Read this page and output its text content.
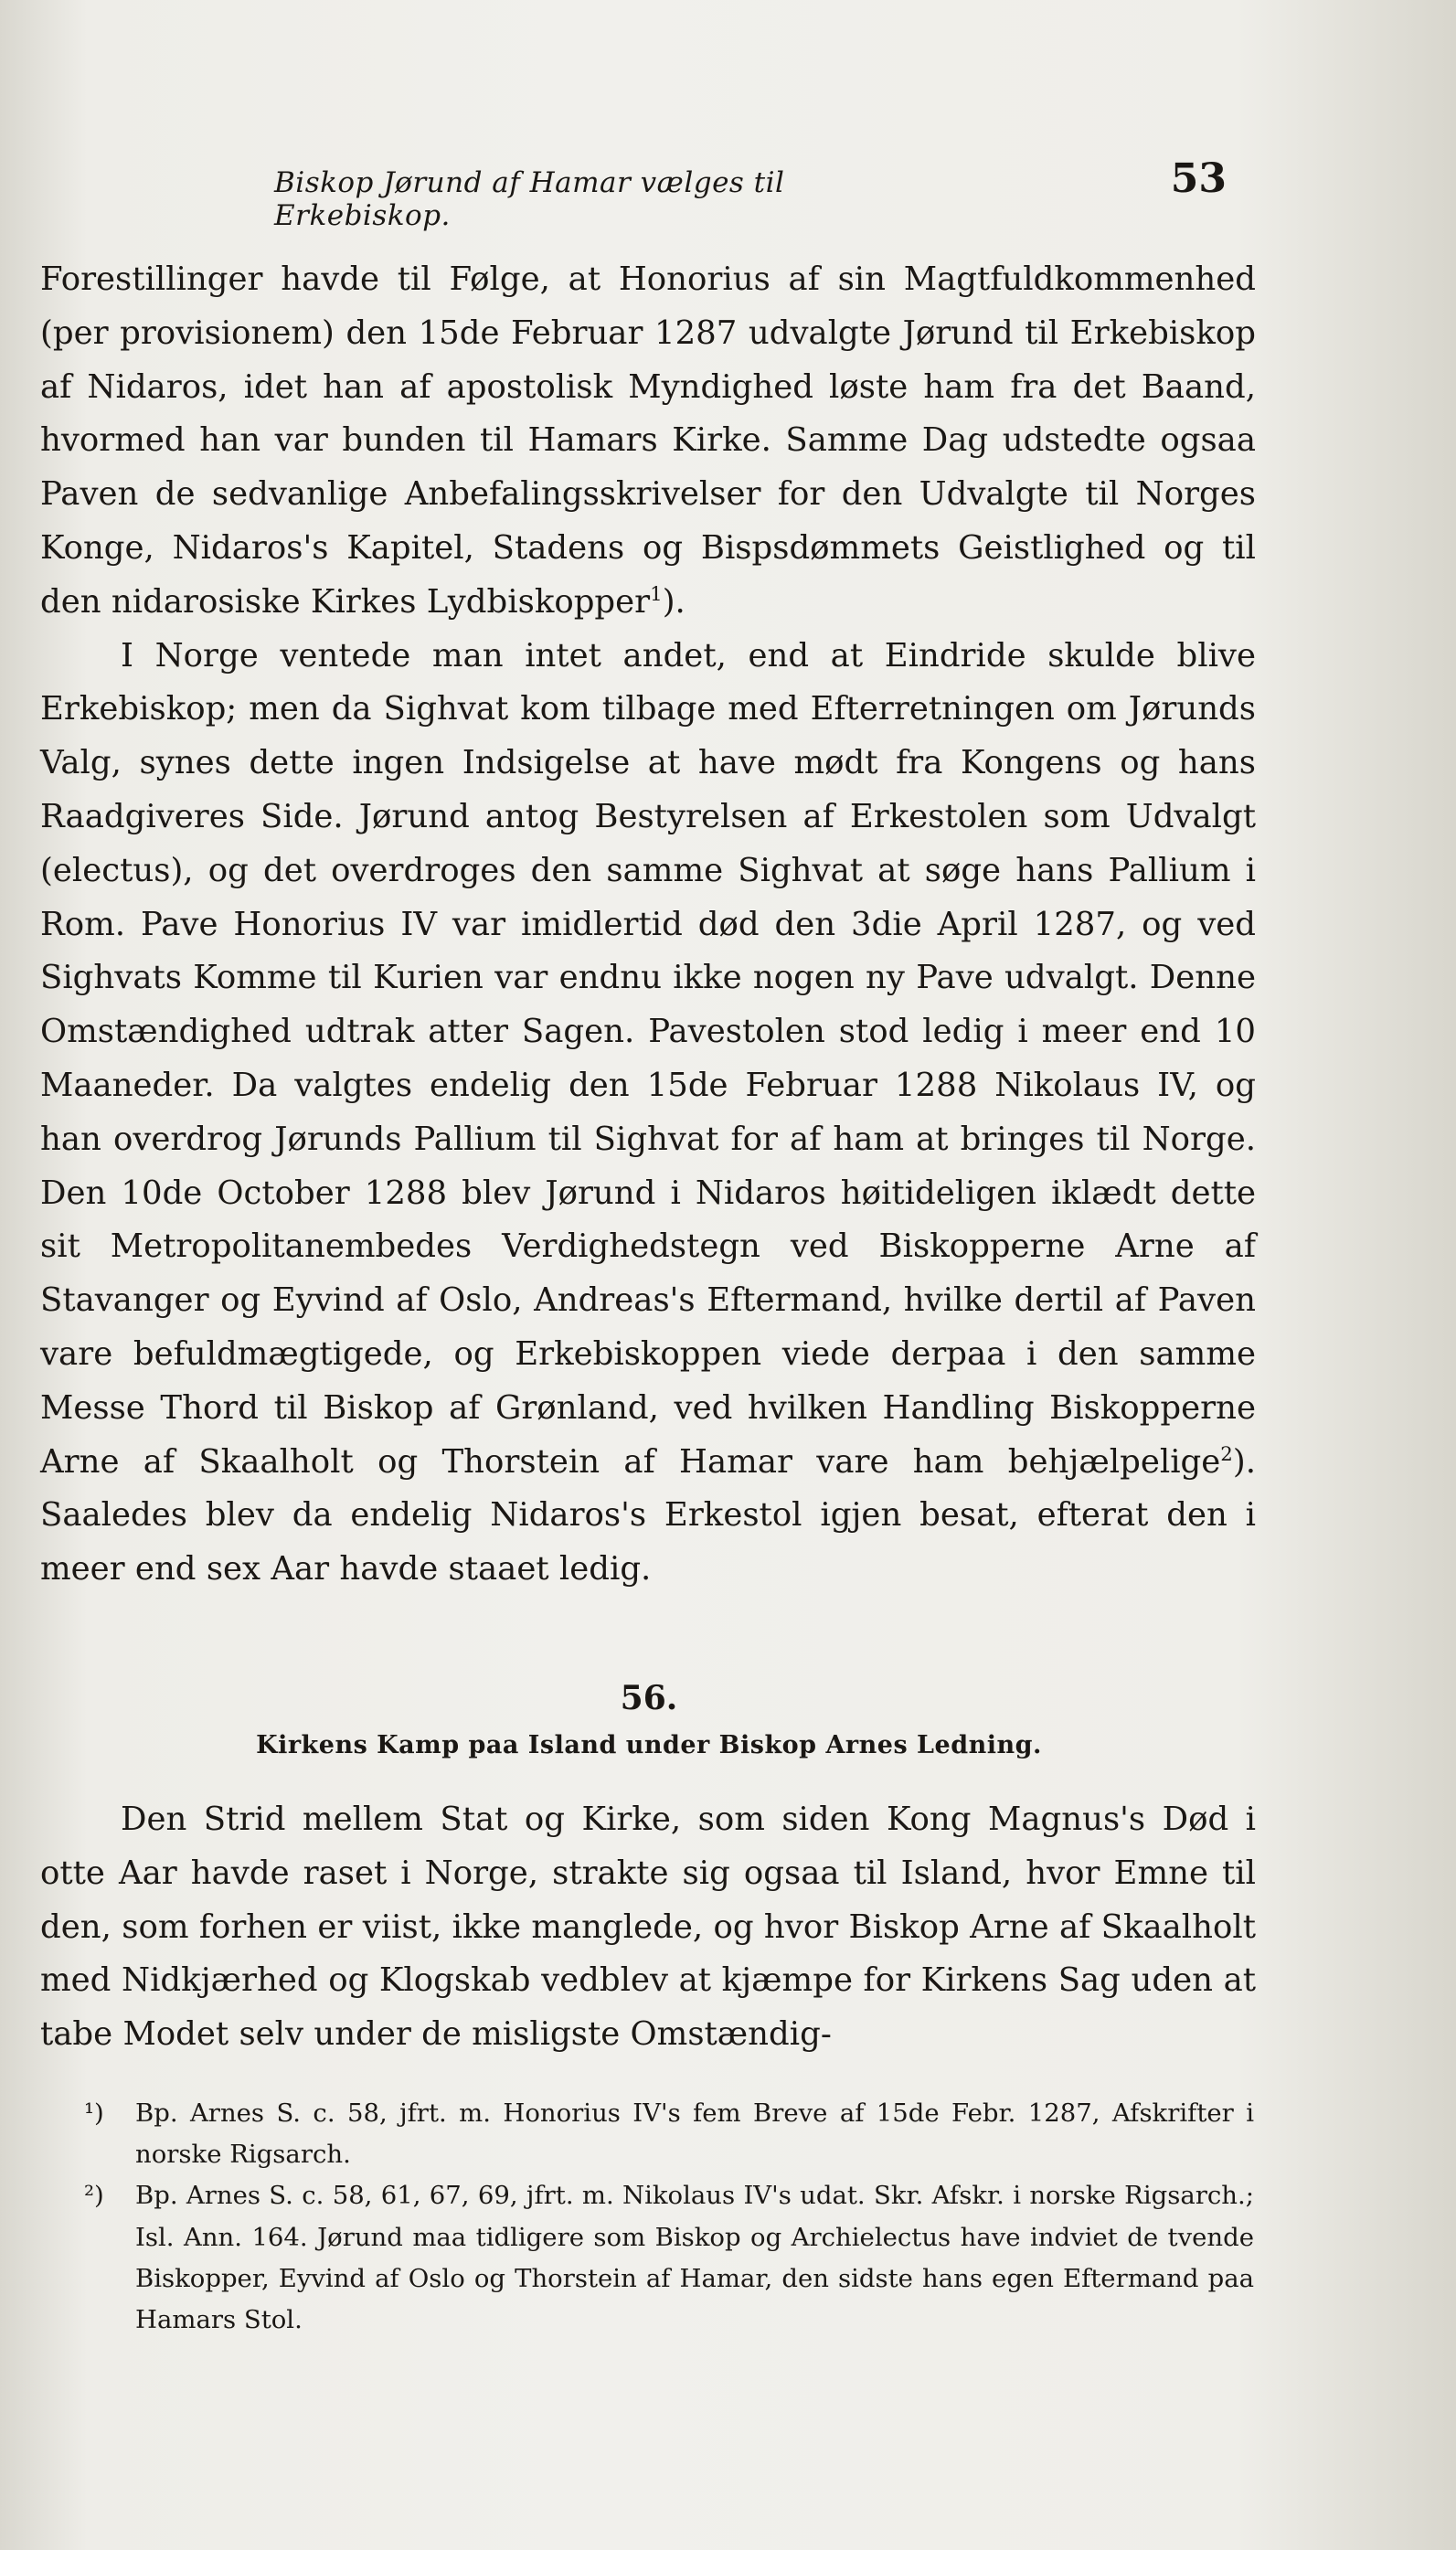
Biskop Jørund af Hamar vælges til Erkebiskop.
53

Forestillinger havde til Følge, at Honorius af sin Magtfuldkommenhed (per provisionem) den 15de Februar 1287 udvalgte Jørund til Erkebiskop af Nidaros, idet han af apostolisk Myndighed løste ham fra det Baand, hvormed han var bunden til Hamars Kirke. Samme Dag udstedte ogsaa Paven de sedvanlige Anbefalingsskrivelser for den Udvalgte til Norges Konge, Nidaros's Kapitel, Stadens og Bispsdømmets Geistlighed og til den nidarosiske Kirkes Lydbiskopper$^1$).

I Norge ventede man intet andet, end at Eindride skulde blive Erkebiskop; men da Sighvat kom tilbage med Efterretningen om Jørunds Valg, synes dette ingen Indsigelse at have mødt fra Kongens og hans Raadgiveres Side. Jørund antog Bestyrelsen af Erkestolen som Udvalgt (electus), og det overdroges den samme Sighvat at søge hans Pallium i Rom. Pave Honorius IV var imidlertid død den 3die April 1287, og ved Sighvats Komme til Kurien var endnu ikke nogen ny Pave udvalgt. Denne Omstændighed udtrak atter Sagen. Pavestolen stod ledig i meer end 10 Maaneder. Da valgtes endelig den 15de Februar 1288 Nikolaus IV, og han overdrog Jørunds Pallium til Sighvat for af ham at bringes til Norge. Den 10de October 1288 blev Jørund i Nidaros høitideligen iklædt dette sit Metropolitanembedes Verdighedstegn ved Biskopperne Arne af Stavanger og Eyvind af Oslo, Andreas's Eftermand, hvilke dertil af Paven vare befuldmægtigede, og Erkebiskoppen viede derpaa i den samme Messe Thord til Biskop af Grønland, ved hvilken Handling Biskopperne Arne af Skaalholt og Thorstein af Hamar vare ham behjælpelige$^2$). Saaledes blev da endelig Nidaros's Erkestol igjen besat, efterat den i meer end sex Aar havde staaet ledig.

56.
Kirkens Kamp paa Island under Biskop Arnes Ledning.

Den Strid mellem Stat og Kirke, som siden Kong Magnus's Død i otte Aar havde raset i Norge, strakte sig ogsaa til Island, hvor Emne til den, som forhen er viist, ikke manglede, og hvor Biskop Arne af Skaalholt med Nidkjærhed og Klogskab vedblev at kjæmpe for Kirkens Sag uden at tabe Modet selv under de misligste Omstændig-

¹) Bp. Arnes S. c. 58, jfrt. m. Honorius IV's fem Breve af 15de Febr. 1287, Afskrifter i norske Rigsarch.

²) Bp. Arnes S. c. 58, 61, 67, 69, jfrt. m. Nikolaus IV's udat. Skr. Afskr. i norske Rigsarch.; Isl. Ann. 164. Jørund maa tidligere som Biskop og Archielectus have indviet de tvende Biskopper, Eyvind af Oslo og Thorstein af Hamar, den sidste hans egen Eftermand paa Hamars Stol.
